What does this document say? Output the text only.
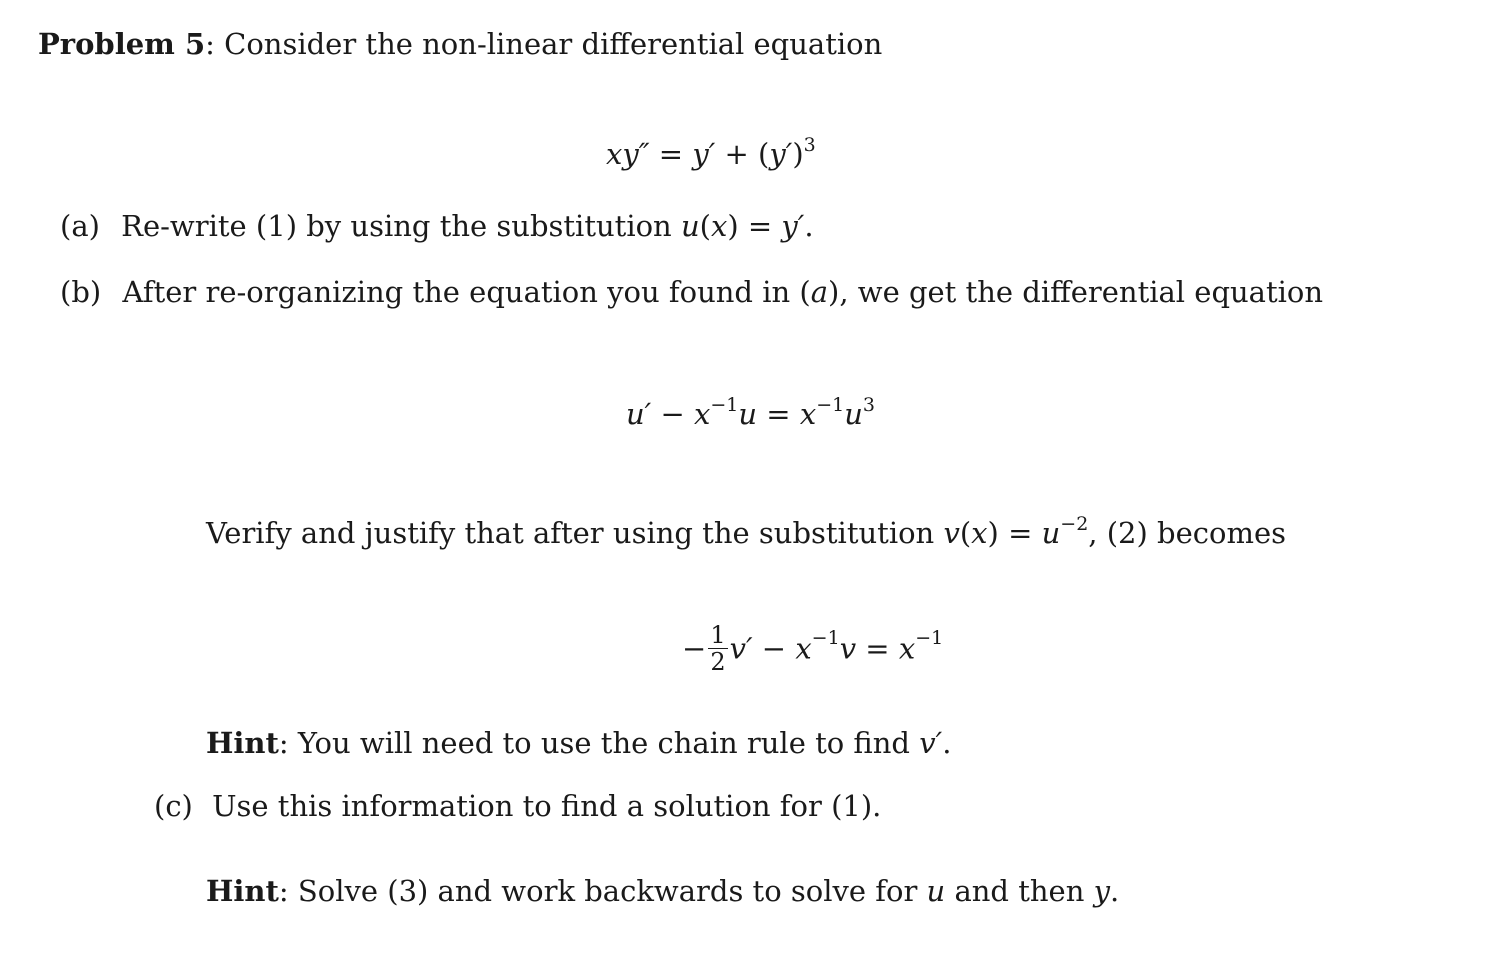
Problem 5: Consider the non-linear differential equation
$xy'' = y' + (y')^3$
(a) Re-write (1) by using the substitution u(x) = y′.
(b) After re-organizing the equation you found in (a), we get the differential equation
$u' - x^{-1}u = x^{-1}u^3$
Verify and justify that after using the substitution $v(x) = u^{-2}$, (2) becomes
− $\frac{1}{2} v' - x^{-1}v = x^{-1}$
Hint: You will need to use the chain rule to find v′.
(c) Use this information to find a solution for (1).
Hint: Solve (3) and work backwards to solve for u and then y.
